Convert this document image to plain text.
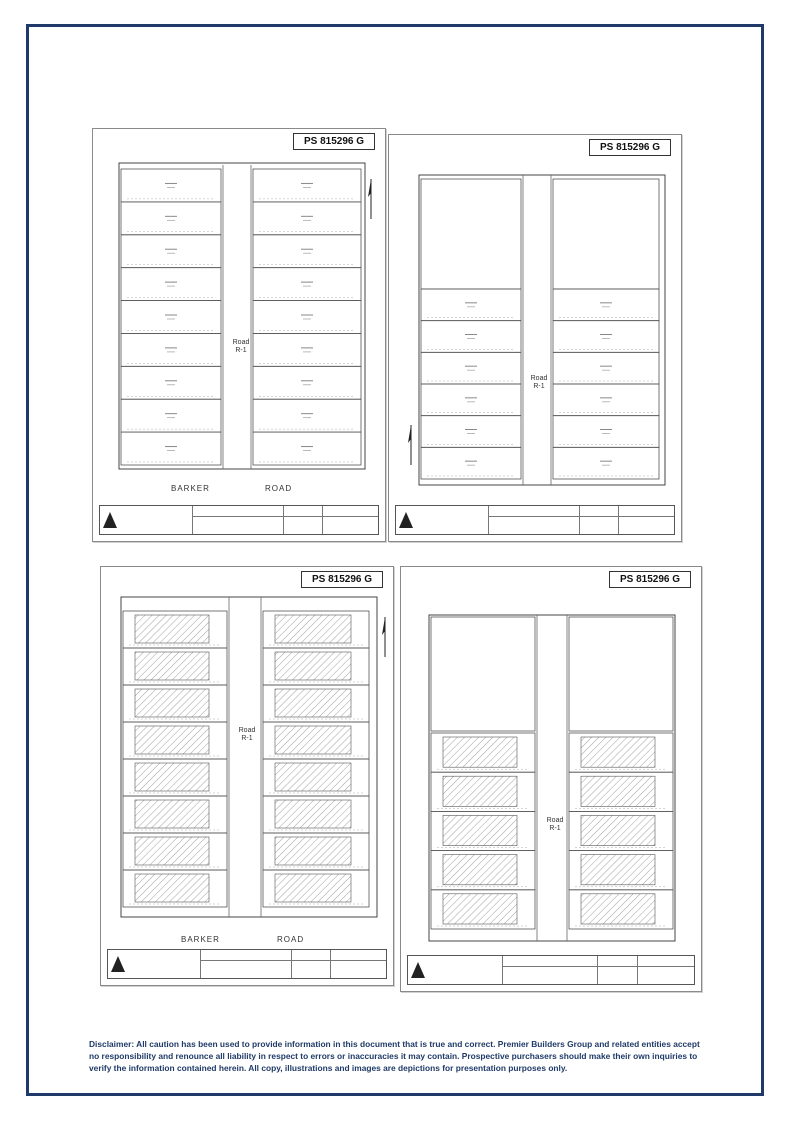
PS 815296 G
Road
R-1
BARKER	ROAD
PS 815296 G
Road
R-1
PS 815296 G
Road
R-1
BARKER	ROAD
PS 815296 G
Road
R-1
Disclaimer: All caution has been used to provide information in this document that is true and correct. Premier Builders Group and related entities accept no responsibility and renounce all liability in respect to errors or inaccuracies it may contain. Prospective purchasers should make their own inquiries to verify the information contained herein. All copy, illustrations and images are depictions for presentation purposes only.
